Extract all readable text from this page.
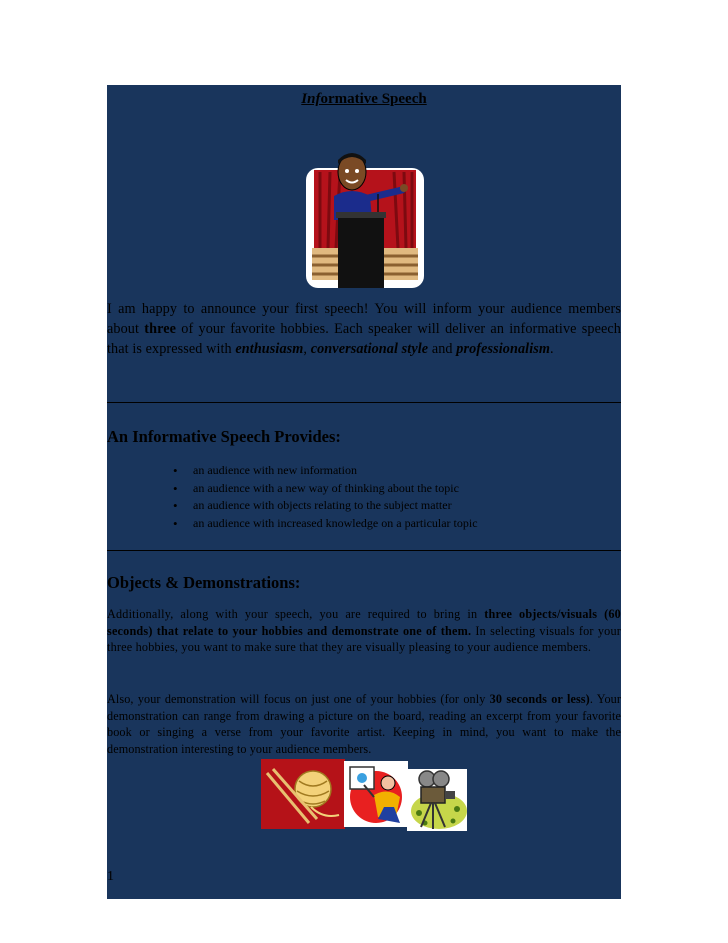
Informative Speech
I am happy to announce your first speech! You will inform your audience members about three of your favorite hobbies. Each speaker will deliver an informative speech that is expressed with enthusiasm, conversational style and professionalism.
An Informative Speech Provides:
•	an audience with new information
•	an audience with a new way of thinking about the topic
•	an audience with objects relating to the subject matter
•	an audience with increased knowledge on a particular topic
Objects & Demonstrations:
Additionally, along with your speech, you are required to bring in three objects/visuals (60 seconds) that relate to your hobbies and demonstrate one of them. In selecting visuals for your three hobbies, you want to make sure that they are visually pleasing to your audience members.
Also, your demonstration will focus on just one of your hobbies (for only 30 seconds or less). Your demonstration can range from drawing a picture on the board, reading an excerpt from your favorite book or singing a verse from your favorite artist. Keeping in mind, you want to make the demonstration interesting to your audience members.
1
